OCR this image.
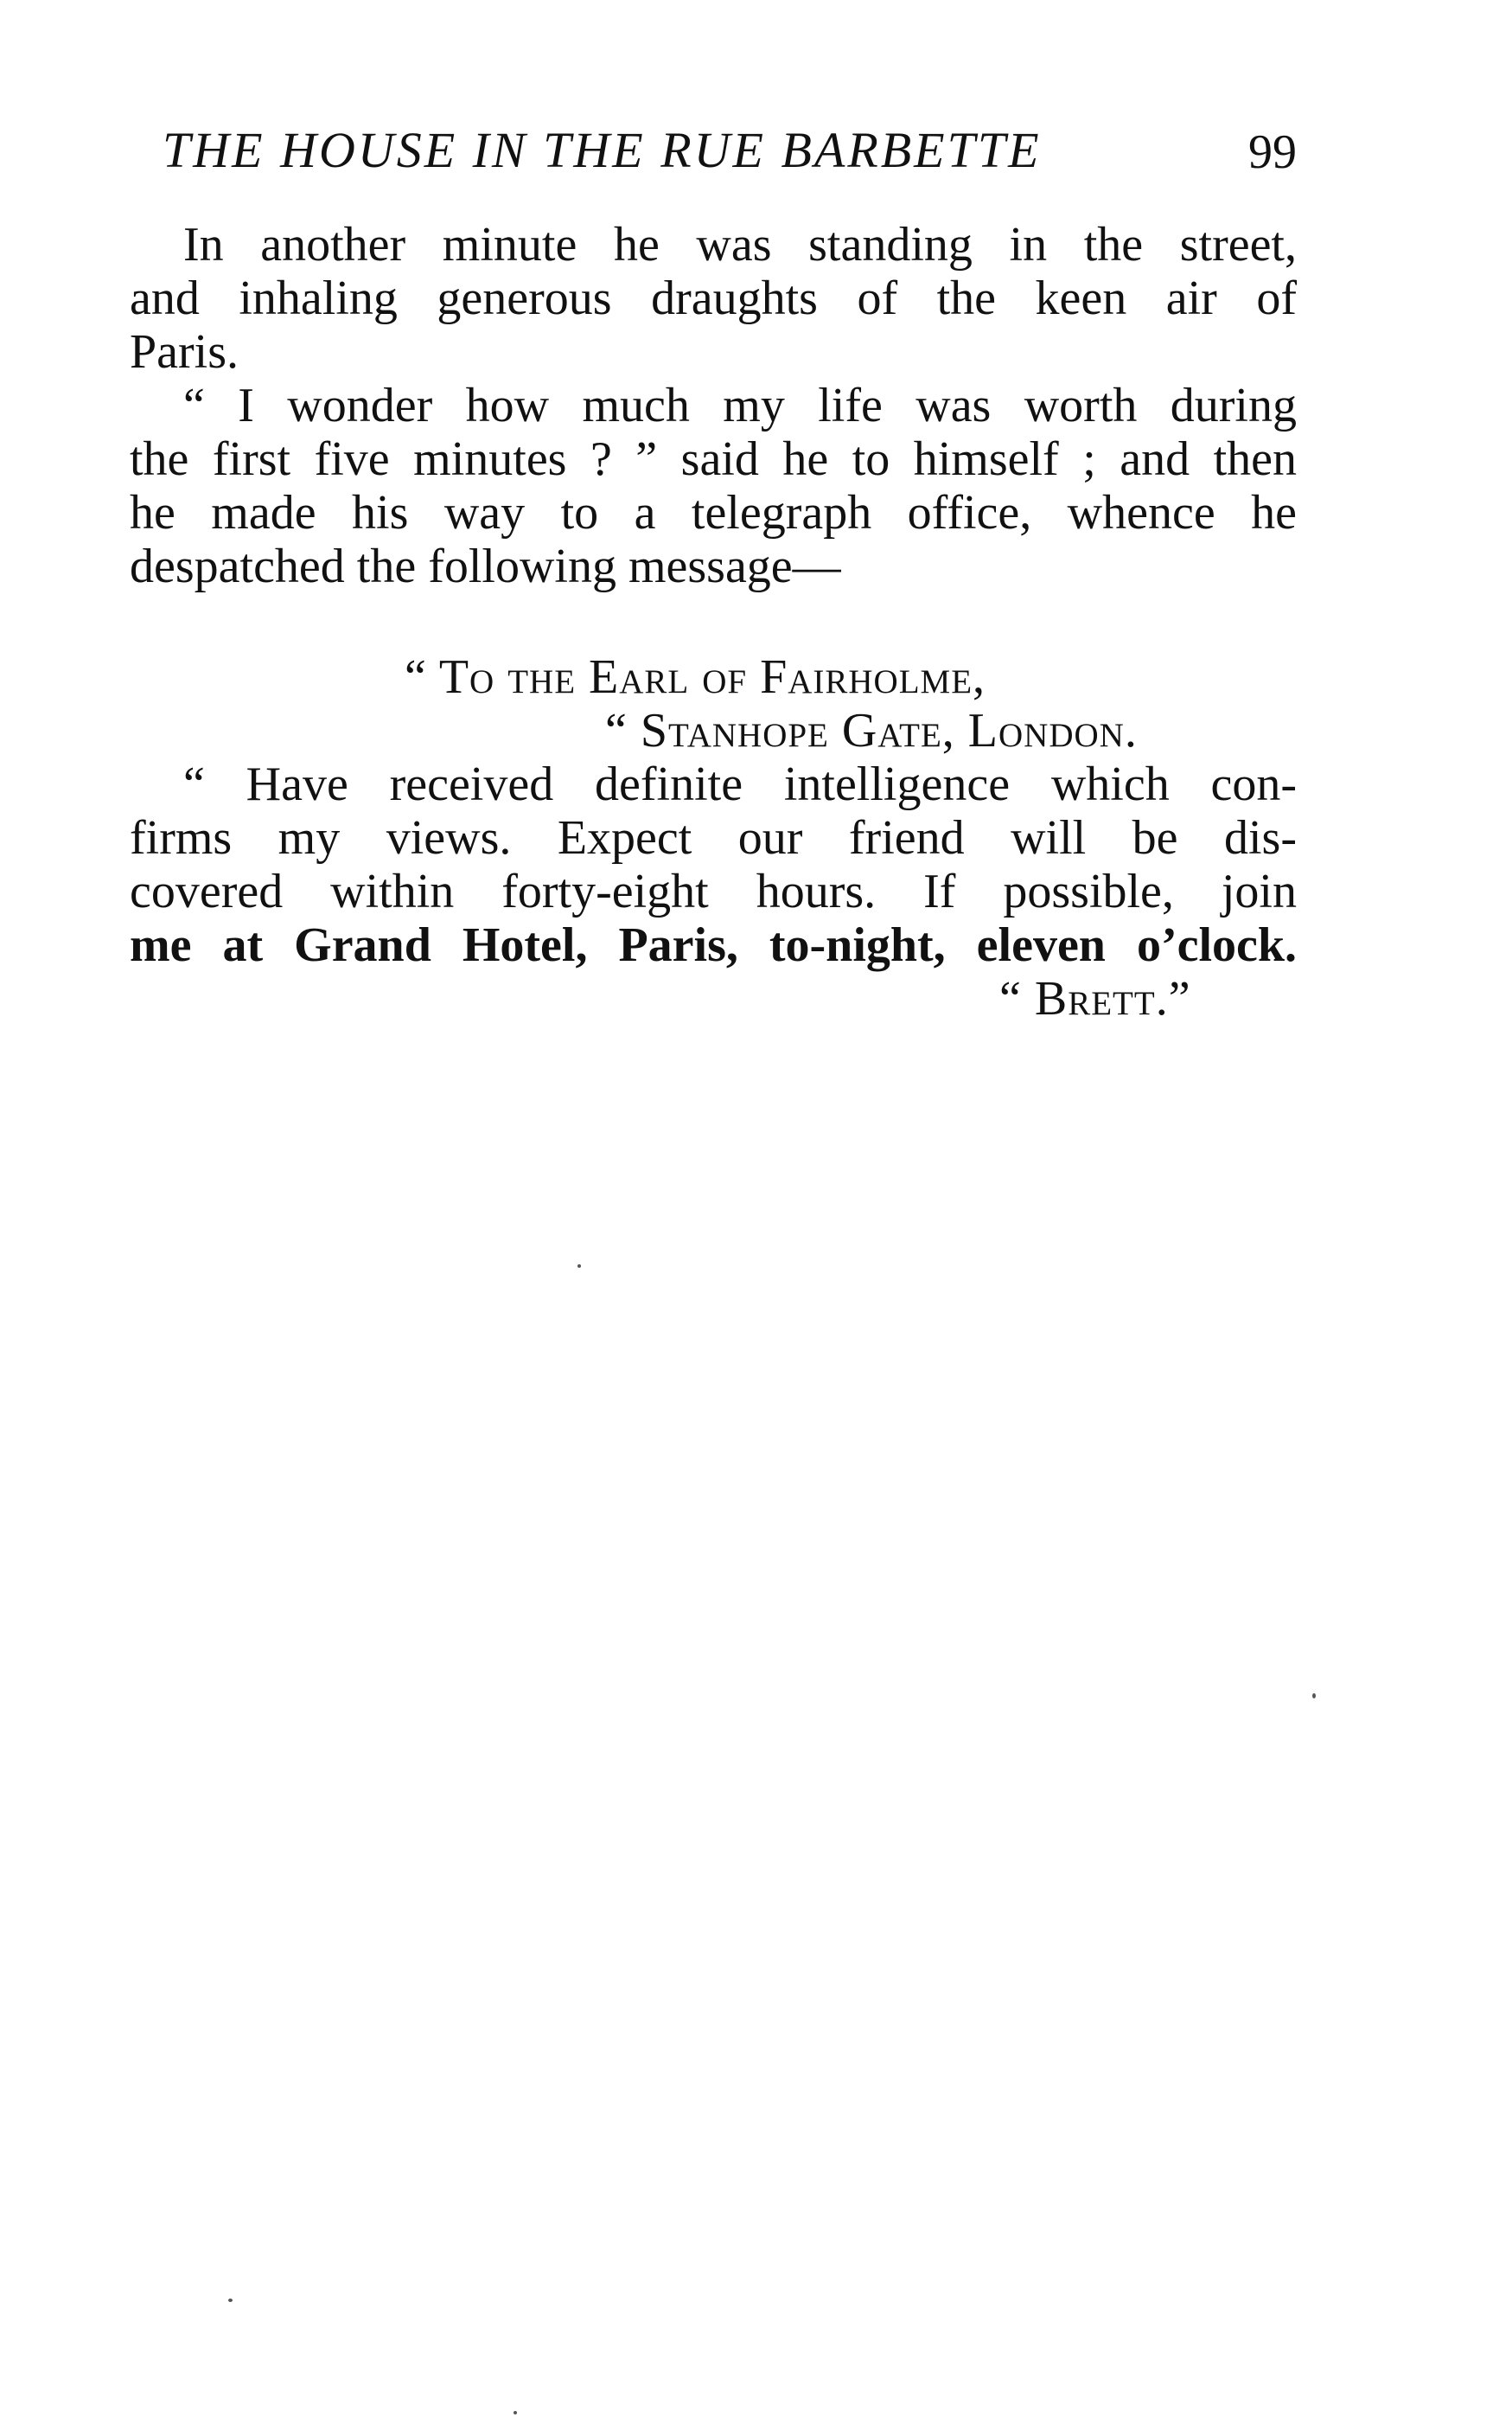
THE HOUSE IN THE RUE BARBETTE	99
In another minute he was standing in the street,
and inhaling generous draughts of the keen air of
Paris.
“ I wonder how much my life was worth during
the first five minutes ? ” said he to himself ; and then
he made his way to a telegraph office, whence he
despatched the following message—
“ To the Earl of Fairholme,
“ Stanhope Gate, London.
“ Have received definite intelligence which con-
firms my views. Expect our friend will be dis-
covered within forty-eight hours. If possible, join
me at Grand Hotel, Paris, to-night, eleven o’clock.
“ Brett.”
